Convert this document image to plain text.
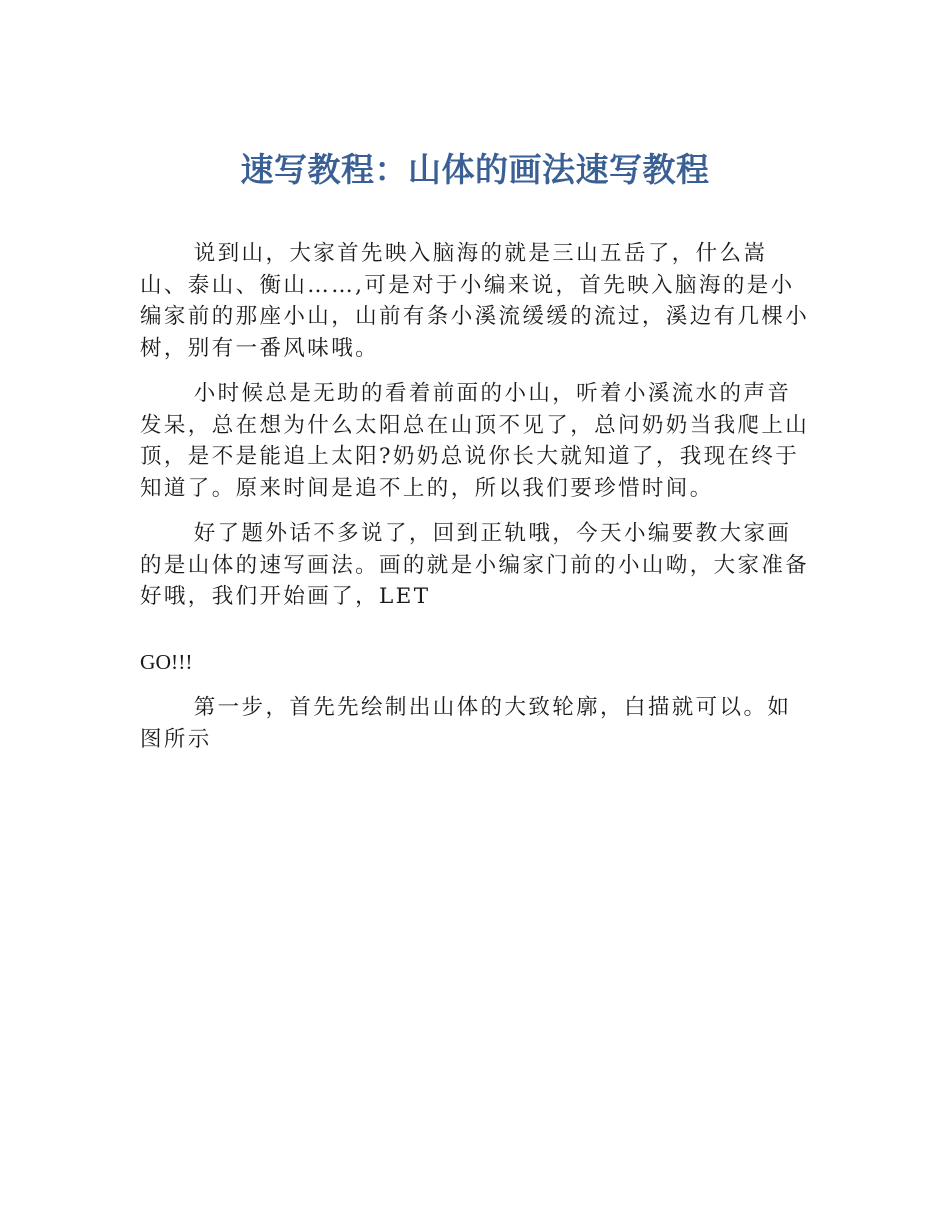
速写教程：山体的画法速写教程

说到山，大家首先映入脑海的就是三山五岳了，什么嵩山、泰山、衡山……,可是对于小编来说，首先映入脑海的是小编家前的那座小山，山前有条小溪流缓缓的流过，溪边有几棵小树，别有一番风味哦。

小时候总是无助的看着前面的小山，听着小溪流水的声音发呆，总在想为什么太阳总在山顶不见了，总问奶奶当我爬上山顶，是不是能追上太阳?奶奶总说你长大就知道了，我现在终于知道了。原来时间是追不上的，所以我们要珍惜时间。

好了题外话不多说了，回到正轨哦，今天小编要教大家画的是山体的速写画法。画的就是小编家门前的小山呦，大家准备好哦，我们开始画了，LET

GO!!!

第一步，首先先绘制出山体的大致轮廓，白描就可以。如图所示
